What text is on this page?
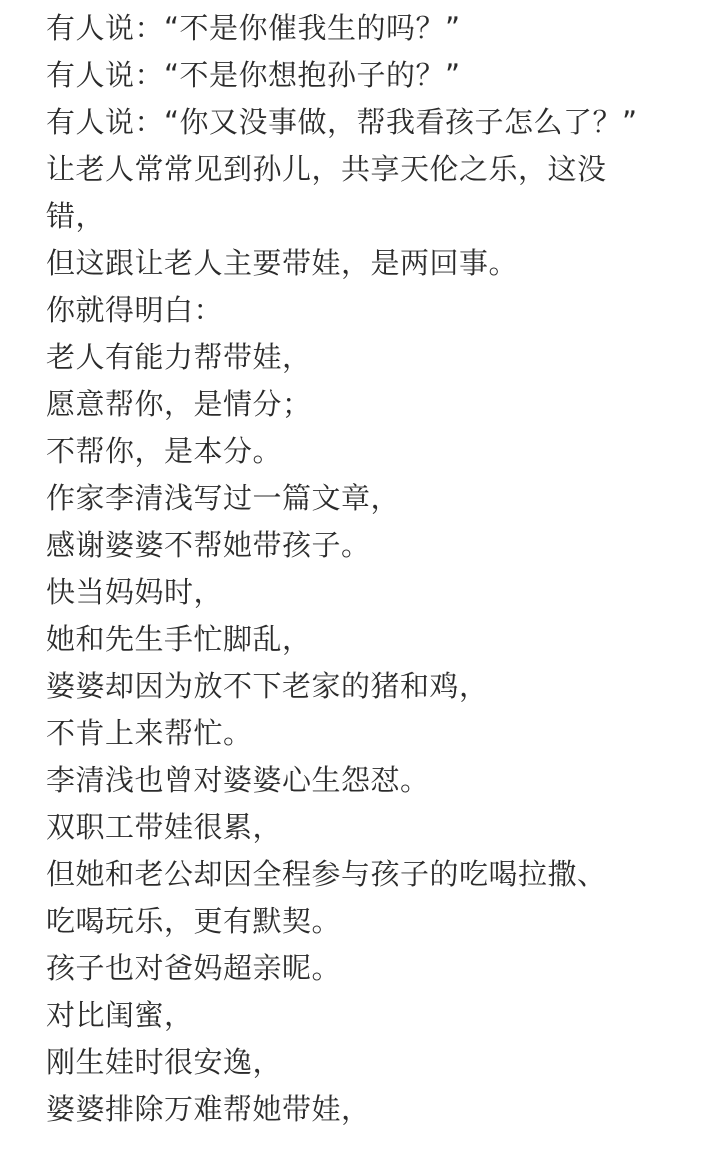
有人说：“不是你催我生的吗？”
有人说：“不是你想抱孙子的？”
有人说：“你又没事做，帮我看孩子怎么了？”
让老人常常见到孙儿，共享天伦之乐，这没
错，
但这跟让老人主要带娃，是两回事。
你就得明白：
老人有能力帮带娃，
愿意帮你，是情分；
不帮你，是本分。
作家李清浅写过一篇文章，
感谢婆婆不帮她带孩子。
快当妈妈时，
她和先生手忙脚乱，
婆婆却因为放不下老家的猪和鸡，
不肯上来帮忙。
李清浅也曾对婆婆心生怨怼。
双职工带娃很累，
但她和老公却因全程参与孩子的吃喝拉撒、
吃喝玩乐，更有默契。
孩子也对爸妈超亲昵。
对比闺蜜，
刚生娃时很安逸，
婆婆排除万难帮她带娃，
